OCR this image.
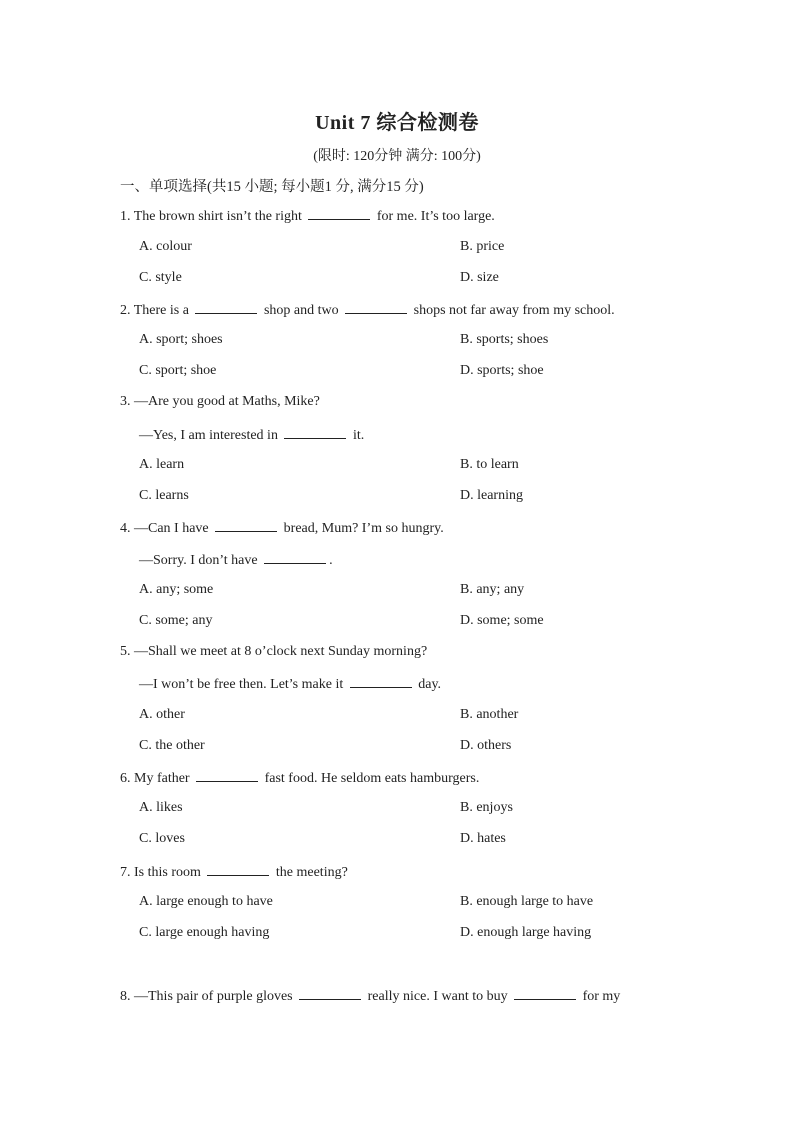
Unit 7 综合检测卷
(限时: 120分钟 满分: 100分)
一、单项选择(共15 小题; 每小题1 分, 满分15 分)
1. The brown shirt isn’t the right	for me. It’s too large.
A. colour	B. price
C. style	D. size
2. There is a	shop and two	shops not far away from my school.
A. sport; shoes	B. sports; shoes
C. sport; shoe	D. sports; shoe
3. —Are you good at Maths, Mike?
—Yes, I am interested in	it.
A. learn	B. to learn
C. learns	D. learning
4. —Can I have	bread, Mum? I’m so hungry.
—Sorry. I don’t have	.
A. any; some	B. any; any
C. some; any	D. some; some
5. —Shall we meet at 8 o’clock next Sunday morning?
—I won’t be free then. Let’s make it	day.
A. other	B. another
C. the other	D. others
6. My father	fast food. He seldom eats hamburgers.
A. likes	B. enjoys
C. loves	D. hates
7. Is this room	the meeting?
A. large enough to have	B. enough large to have
C. large enough having	D. enough large having
8. —This pair of purple gloves	really nice. I want to buy	for my
